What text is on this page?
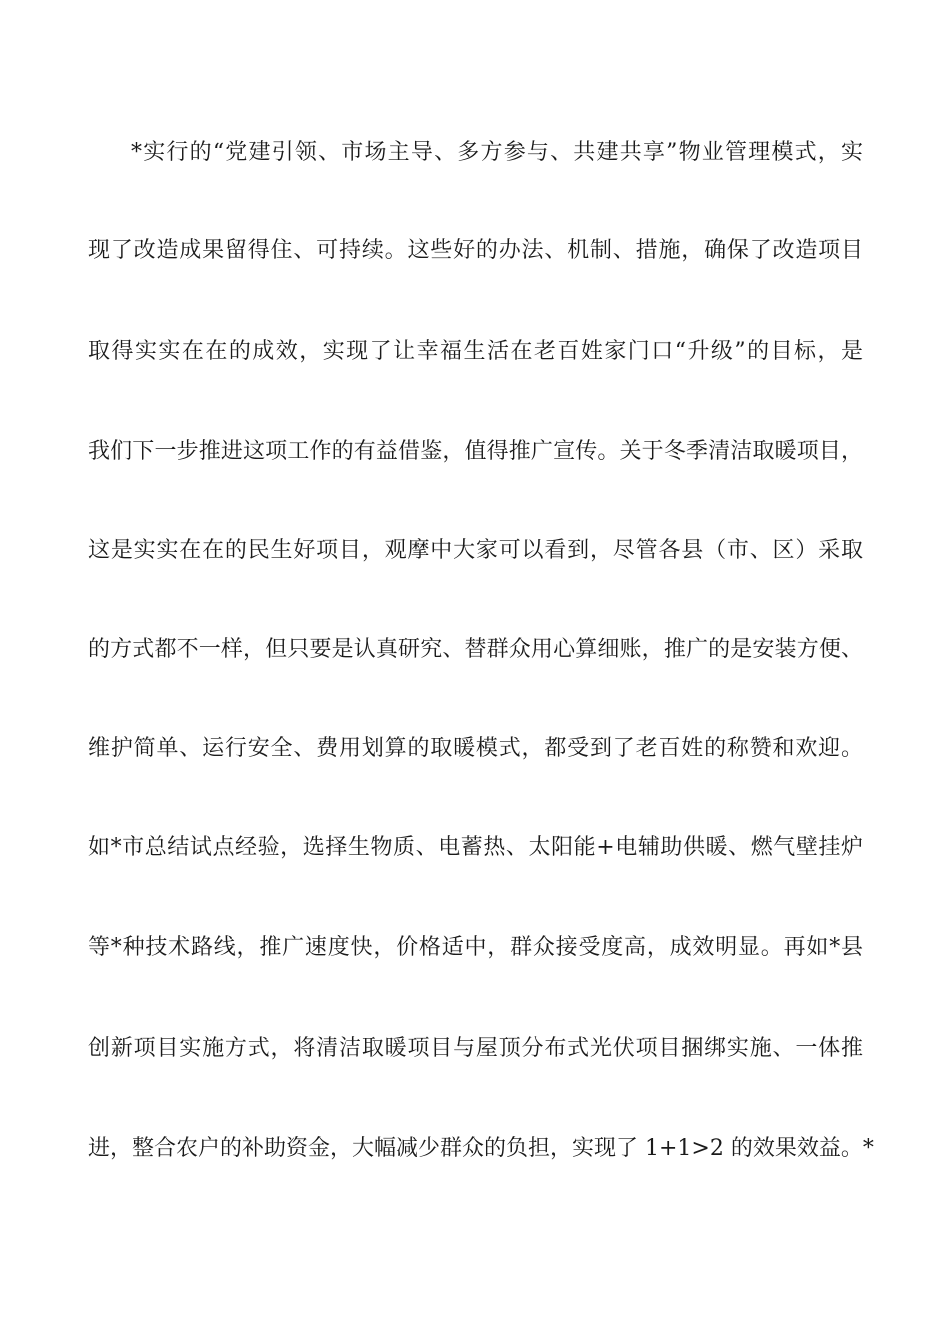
*实行的“党建引领、市场主导、多方参与、共建共享”物业管理模式，实
现了改造成果留得住、可持续。这些好的办法、机制、措施，确保了改造项目
取得实实在在的成效，实现了让幸福生活在老百姓家门口“升级”的目标，是
我们下一步推进这项工作的有益借鉴，值得推广宣传。关于冬季清洁取暖项目，
这是实实在在的民生好项目，观摩中大家可以看到，尽管各县（市、区）采取
的方式都不一样，但只要是认真研究、替群众用心算细账，推广的是安装方便、
维护简单、运行安全、费用划算的取暖模式，都受到了老百姓的称赞和欢迎。
如*市总结试点经验，选择生物质、电蓄热、太阳能+电辅助供暖、燃气壁挂炉
等*种技术路线，推广速度快，价格适中，群众接受度高，成效明显。再如*县
创新项目实施方式，将清洁取暖项目与屋顶分布式光伏项目捆绑实施、一体推
进，整合农户的补助资金，大幅减少群众的负担，实现了 1+1>2 的效果效益。*
